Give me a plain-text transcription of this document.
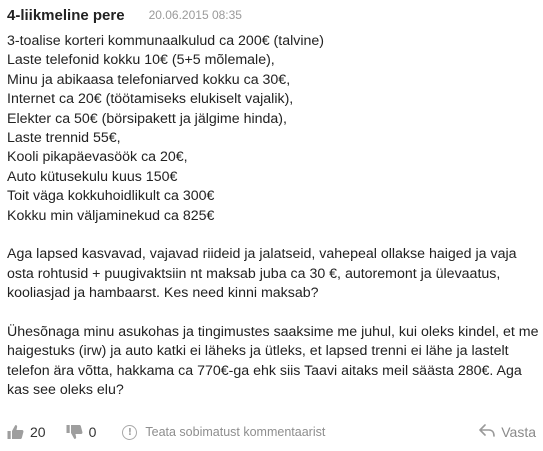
4-liikmeline pere 20.06.2015 08:35
3-toalise korteri kommunaalkulud ca 200€ (talvine)
Laste telefonid kokku 10€ (5+5 mõlemale),
Minu ja abikaasa telefoniarved kokku ca 30€,
Internet ca 20€ (töötamiseks elukiselt vajalik),
Elekter ca 50€ (börsipakett ja jälgime hinda),
Laste trennid 55€,
Kooli pikapäevasöök ca 20€,
Auto kütusekulu kuus 150€
Toit väga kokkuhoidlikult ca 300€
Kokku min väljaminekud ca 825€
Aga lapsed kasvavad, vajavad riideid ja jalatseid, vahepeal ollakse haiged ja vaja osta rohtusid + puugivaktsiin nt maksab juba ca 30 €, autoremont ja ülevaatus, kooliasjad ja hambaarst. Kes need kinni maksab?
Ühesõnaga minu asukohas ja tingimustes saaksime me juhul, kui oleks kindel, et me haigestuks (irw) ja auto katki ei läheks ja ütleks, et lapsed trenni ei lähe ja lastelt telefon ära võtta, hakkama ca 770€-ga ehk siis Taavi aitaks meil säästa 280€. Aga kas see oleks elu?
20	0	!	Teata sobimatust kommentaarist	Vasta
